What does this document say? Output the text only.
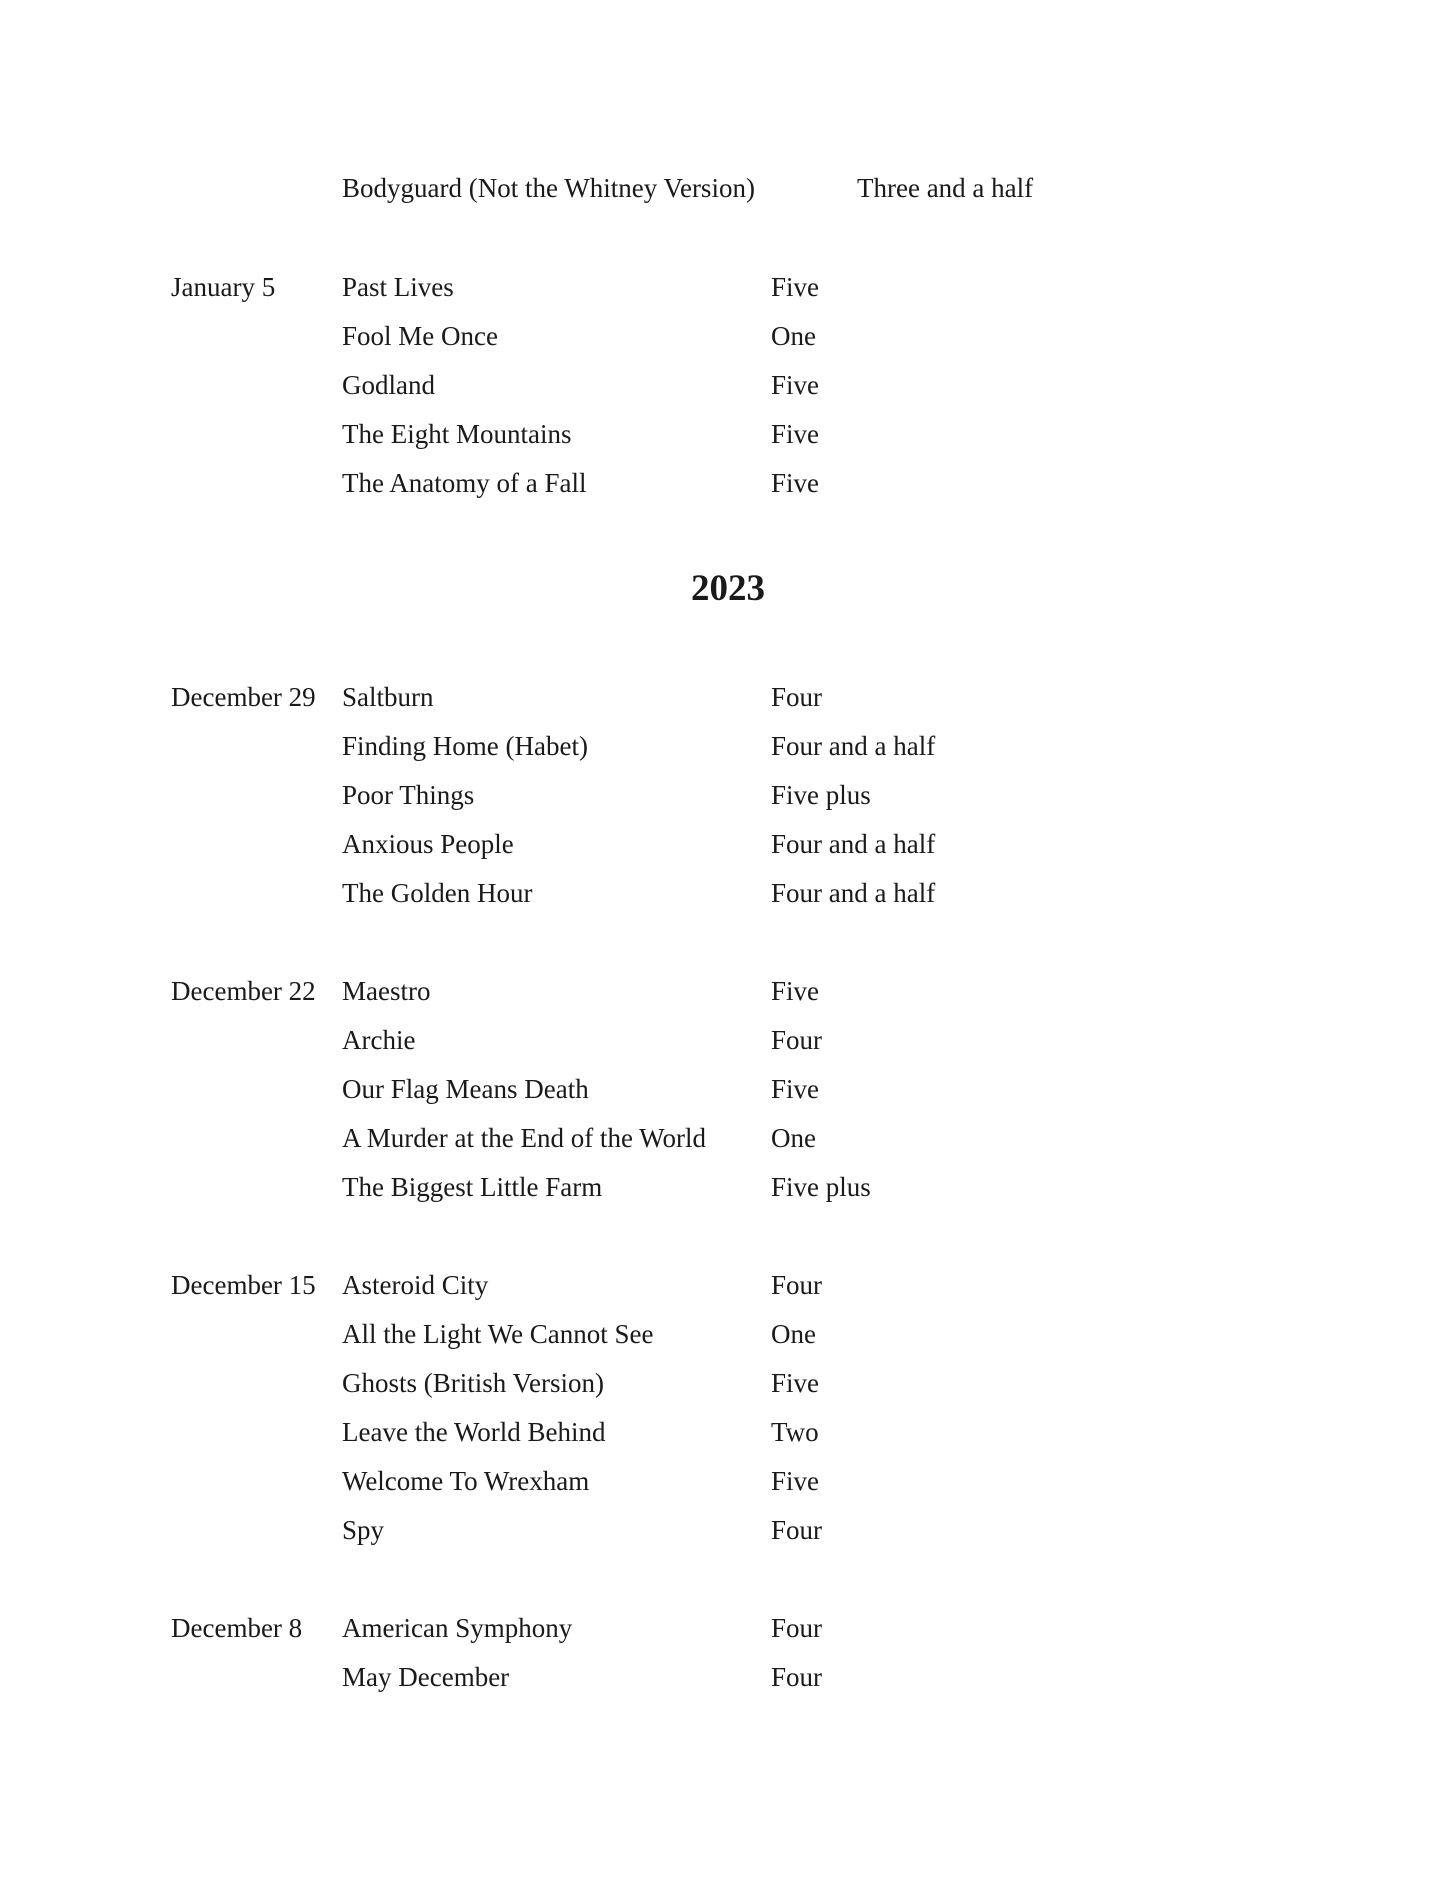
Bodyguard (Not the Whitney Version)	Three and a half
January 5 Past Lives	Five
Fool Me Once	One
Godland	Five
The Eight Mountains	Five
The Anatomy of a Fall	Five
2023
December 29 Saltburn	Four
Finding Home (Habet)	Four and a half
Poor Things	Five plus
Anxious People	Four and a half
The Golden Hour	Four and a half
December 22 Maestro	Five
Archie	Four
Our Flag Means Death	Five
A Murder at the End of the World One
The Biggest Little Farm	Five plus
December 15 Asteroid City	Four
All the Light We Cannot See	One
Ghosts (British Version)	Five
Leave the World Behind	Two
Welcome To Wrexham	Five
Spy	Four
December 8 American Symphony	Four
May December	Four
